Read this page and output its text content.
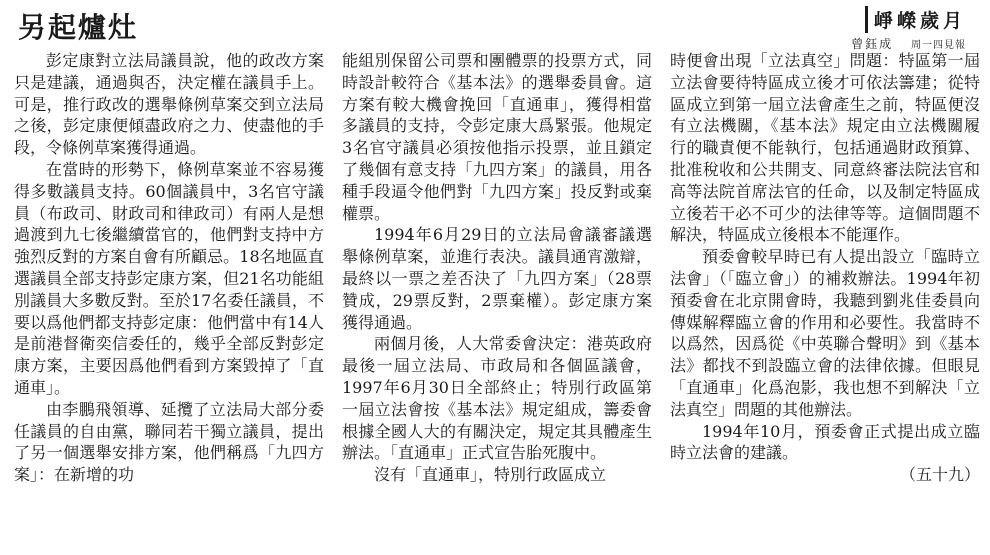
另起爐灶	崢嶸歲月
曾鈺成 周一四見報

彭定康對立法局議員說，他的政改方案只是建議，通過與否，決定權在議員手上。可是，推行政改的選舉條例草案交到立法局之後，彭定康便傾盡政府之力、使盡他的手段，令條例草案獲得通過。

在當時的形勢下，條例草案並不容易獲得多數議員支持。60個議員中，3名官守議員（布政司、財政司和律政司）有兩人是想過渡到九七後繼續當官的，他們對支持中方強烈反對的方案自會有所顧忌。18名地區直選議員全部支持彭定康方案，但21名功能組別議員大多數反對。至於17名委任議員，不要以爲他們都支持彭定康：他們當中有14人是前港督衛奕信委任的，幾乎全部反對彭定康方案，主要因爲他們看到方案毀掉了「直通車」。

由李鵬飛領導、延攬了立法局大部分委任議員的自由黨，聯同若干獨立議員，提出了另一個選舉安排方案，他們稱爲「九四方案」：在新增的功

能組別保留公司票和團體票的投票方式，同時設計較符合《基本法》的選舉委員會。這方案有較大機會挽回「直通車」，獲得相當多議員的支持，令彭定康大爲緊張。他規定3名官守議員必須按他指示投票，並且鎖定了幾個有意支持「九四方案」的議員，用各種手段逼令他們對「九四方案」投反對或棄權票。

1994年6月29日的立法局會議審議選舉條例草案，並進行表決。議員通宵激辯，最終以一票之差否決了「九四方案」（28票贊成，29票反對，2票棄權）。彭定康方案獲得通過。

兩個月後，人大常委會決定：港英政府最後一屆立法局、市政局和各個區議會，1997年6月30日全部終止；特別行政區第一屆立法會按《基本法》規定組成，籌委會根據全國人大的有關決定，規定其具體產生辦法。「直通車」正式宣告胎死腹中。

沒有「直通車」，特別行政區成立

時便會出現「立法真空」問題：特區第一屆立法會要待特區成立後才可依法籌建；從特區成立到第一屆立法會產生之前，特區便沒有立法機關，《基本法》規定由立法機關履行的職責便不能執行，包括通過財政預算、批准稅收和公共開支、同意終審法院法官和高等法院首席法官的任命，以及制定特區成立後若干必不可少的法律等等。這個問題不解決，特區成立後根本不能運作。

預委會較早時已有人提出設立「臨時立法會」（「臨立會」）的補救辦法。1994年初預委會在北京開會時，我聽到劉兆佳委員向傳媒解釋臨立會的作用和必要性。我當時不以爲然，因爲從《中英聯合聲明》到《基本法》都找不到設臨立會的法律依據。但眼見「直通車」化爲泡影，我也想不到解決「立法真空」問題的其他辦法。

1994年10月，預委會正式提出成立臨時立法會的建議。

（五十九）
